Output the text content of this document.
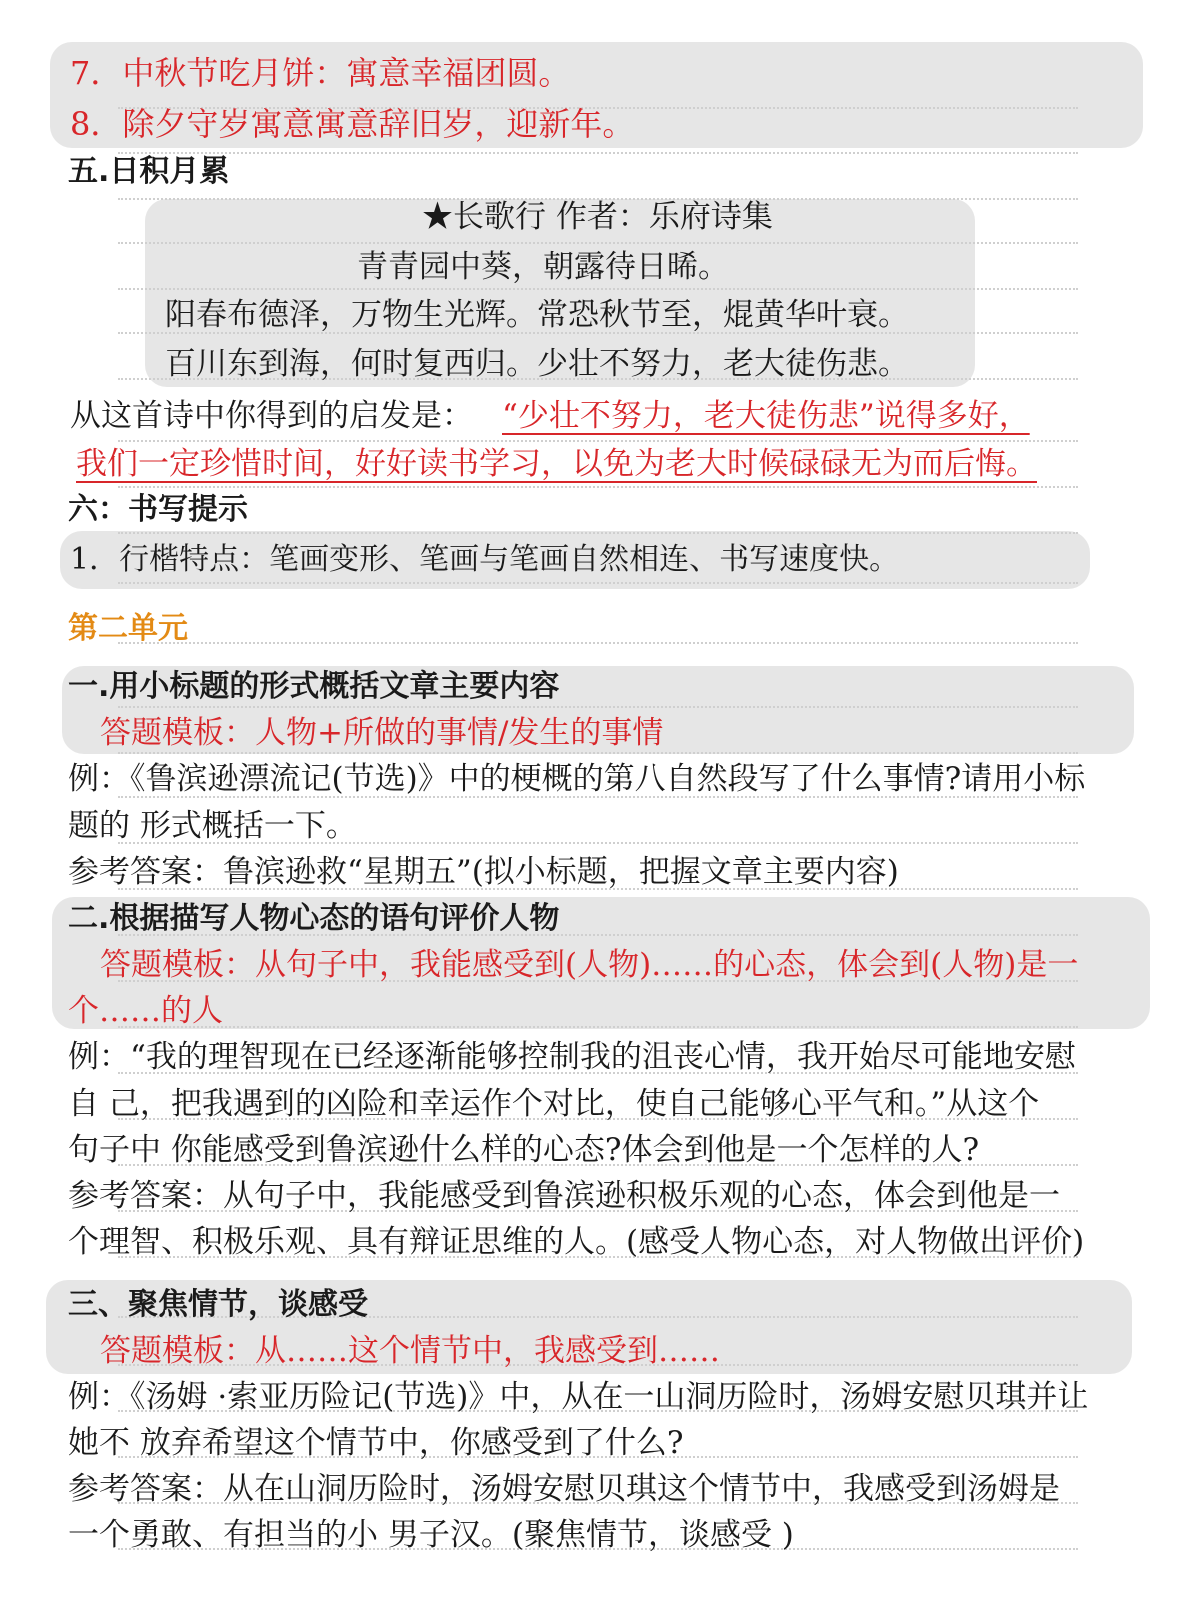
7．中秋节吃月饼：寓意幸福团圆。
8．除夕守岁寓意寓意辞旧岁，迎新年。
五.日积月累
★长歌行 作者：乐府诗集
青青园中葵，朝露待日晞。
阳春布德泽，万物生光辉。常恐秋节至，焜黄华叶衰。
百川东到海，何时复西归。少壮不努力，老大徒伤悲。
从这首诗中你得到的启发是： “少壮不努力，老大徒伤悲”说得多好，
我们一定珍惜时间，好好读书学习，以免为老大时候碌碌无为而后悔。
六：书写提示
1．行楷特点：笔画变形、笔画与笔画自然相连、书写速度快。
第二单元
一.用小标题的形式概括文章主要内容
答题模板：人物+所做的事情/发生的事情
例：《鲁滨逊漂流记(节选)》中的梗概的第八自然段写了什么事情?请用小标
题的 形式概括一下。
参考答案：鲁滨逊救“星期五”(拟小标题，把握文章主要内容)
二.根据描写人物心态的语句评价人物
答题模板：从句子中，我能感受到(人物)……的心态，体会到(人物)是一
个……的人
例：“我的理智现在已经逐渐能够控制我的沮丧心情，我开始尽可能地安慰
自 己，把我遇到的凶险和幸运作个对比，使自己能够心平气和。”从这个
句子中 你能感受到鲁滨逊什么样的心态?体会到他是一个怎样的人?
参考答案：从句子中，我能感受到鲁滨逊积极乐观的心态，体会到他是一
个理智、积极乐观、具有辩证思维的人。(感受人物心态，对人物做出评价)
三、聚焦情节，谈感受
答题模板：从……这个情节中，我感受到……
例：《汤姆 ·索亚历险记(节选)》中，从在一山洞历险时，汤姆安慰贝琪并让
她不 放弃希望这个情节中，你感受到了什么?
参考答案：从在山洞历险时，汤姆安慰贝琪这个情节中，我感受到汤姆是
一个勇敢、有担当的小 男子汉。(聚焦情节，谈感受 )
